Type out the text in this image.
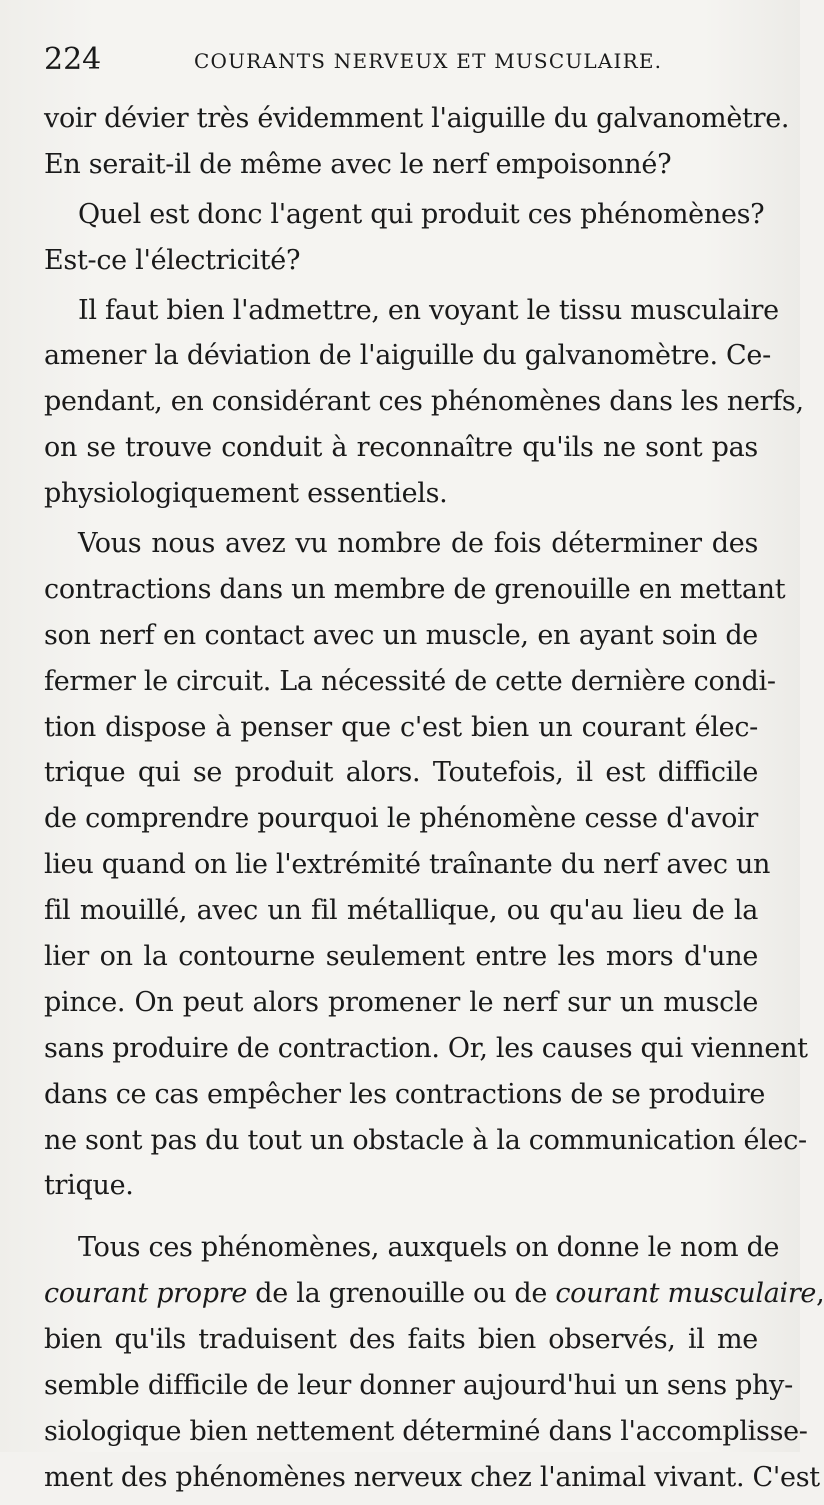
224	COURANTS NERVEUX ET MUSCULAIRE.
voir dévier très évidemment l'aiguille du galvanomètre.
En serait-il de même avec le nerf empoisonné?
Quel est donc l'agent qui produit ces phénomènes?
Est-ce l'électricité?
Il faut bien l'admettre, en voyant le tissu musculaire
amener la déviation de l'aiguille du galvanomètre. Ce-
pendant, en considérant ces phénomènes dans les nerfs,
on se trouve conduit à reconnaître qu'ils ne sont pas
physiologiquement essentiels.
Vous nous avez vu nombre de fois déterminer des
contractions dans un membre de grenouille en mettant
son nerf en contact avec un muscle, en ayant soin de
fermer le circuit. La nécessité de cette dernière condi-
tion dispose à penser que c'est bien un courant élec-
trique qui se produit alors. Toutefois, il est difficile
de comprendre pourquoi le phénomène cesse d'avoir
lieu quand on lie l'extrémité traînante du nerf avec un
fil mouillé, avec un fil métallique, ou qu'au lieu de la
lier on la contourne seulement entre les mors d'une
pince. On peut alors promener le nerf sur un muscle
sans produire de contraction. Or, les causes qui viennent
dans ce cas empêcher les contractions de se produire
ne sont pas du tout un obstacle à la communication élec-
trique.
Tous ces phénomènes, auxquels on donne le nom de
courant propre de la grenouille ou de courant musculaire,
bien qu'ils traduisent des faits bien observés, il me
semble difficile de leur donner aujourd'hui un sens phy-
siologique bien nettement déterminé dans l'accomplisse-
ment des phénomènes nerveux chez l'animal vivant. C'est
